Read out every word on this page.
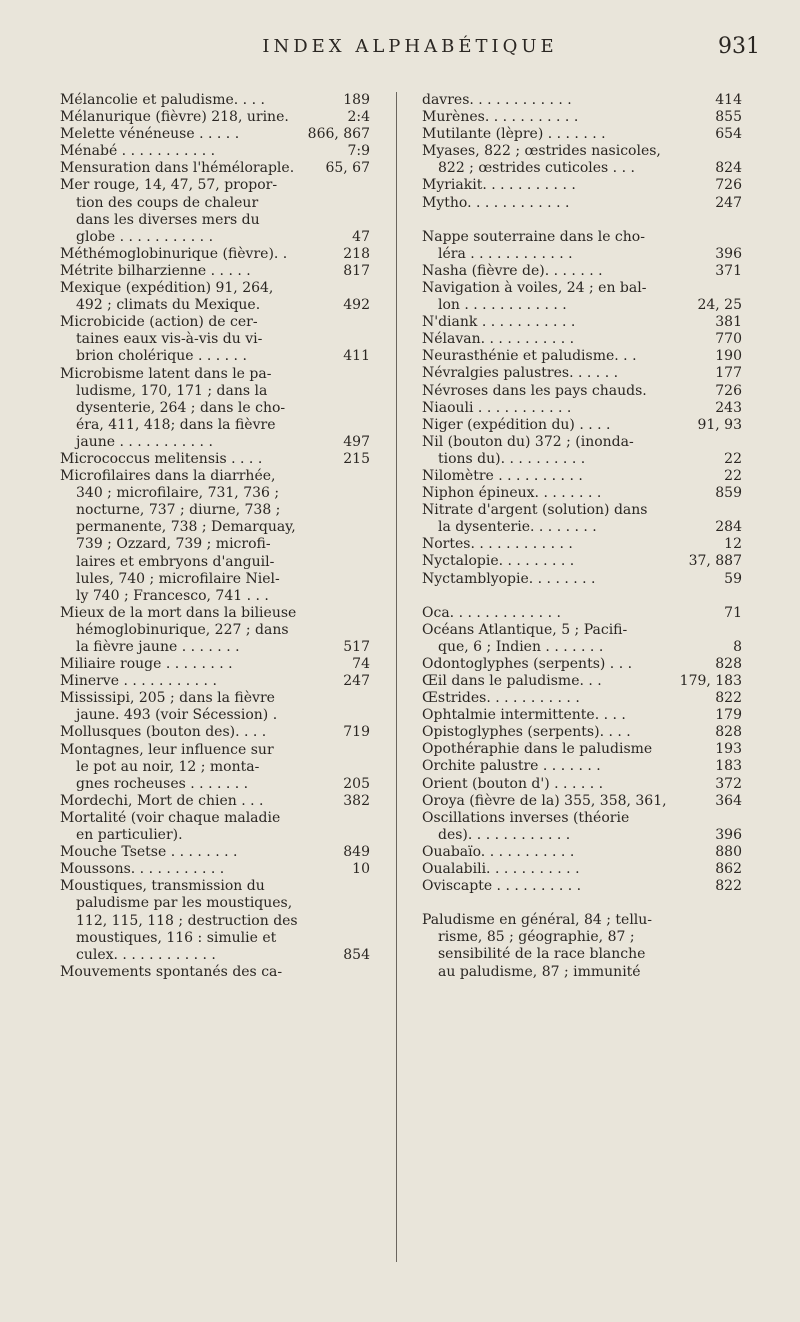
INDEX ALPHABÉTIQUE	931
Mélancolie et paludisme. . . .	189
Mélanurique (fièvre) 218, urine.	2:4
Melette vénéneuse . . . . .	866, 867
Ménabé . . . . . . . . . . .	7:9
Mensuration dans l'héméloraple. 65, 67
Mer rouge, 14, 47, 57, propor-
tion des coups de chaleur
dans les diverses mers du
globe . . . . . . . . . . .	47
Méthémoglobinurique (fièvre). .	218
Métrite bilharzienne . . . . .	817
Mexique (expédition) 91, 264,
492 ; climats du Mexique.	492
Microbicide (action) de cer-
taines eaux vis-à-vis du vi-
brion cholérique . . . . . .	411
Microbisme latent dans le pa-
ludisme, 170, 171 ; dans la
dysenterie, 264 ; dans le cho-
éra, 411, 418; dans la fièvre
jaune . . . . . . . . . . .	497
Micrococcus melitensis . . . .	215
Microfilaires dans la diarrhée,
340 ; microfilaire, 731, 736 ;
nocturne, 737 ; diurne, 738 ;
permanente, 738 ; Demarquay,
739 ; Ozzard, 739 ; microfi-
laires et embryons d'anguil-
lules, 740 ; microfilaire Niel-
ly 740 ; Francesco, 741 . . .
Mieux de la mort dans la bilieuse
hémoglobinurique, 227 ; dans
la fièvre jaune . . . . . . .	517
Miliaire rouge . . . . . . . .	74
Minerve . . . . . . . . . . .	247
Mississipi, 205 ; dans la fièvre
jaune. 493 (voir Sécession) .
Mollusques (bouton des). . . .	719
Montagnes, leur influence sur
le pot au noir, 12 ; monta-
gnes rocheuses . . . . . . .	205
Mordechi, Mort de chien . . .	382
Mortalité (voir chaque maladie
en particulier).
Mouche Tsetse . . . . . . . .	849
Moussons. . . . . . . . . . .	10
Moustiques, transmission du
paludisme par les moustiques,
112, 115, 118 ; destruction des
moustiques, 116 : simulie et
culex. . . . . . . . . . . .	854
Mouvements spontanés des ca-
davres. . . . . . . . . . . .	414
Murènes. . . . . . . . . . .	855
Mutilante (lèpre) . . . . . . .	654
Myases, 822 ; œstrides nasicoles,
822 ; œstrides cuticoles . . .	824
Myriakit. . . . . . . . . . .	726
Mytho. . . . . . . . . . . .	247
Nappe souterraine dans le cho-
léra . . . . . . . . . . . .	396
Nasha (fièvre de). . . . . . .	371
Navigation à voiles, 24 ; en bal-
lon . . . . . . . . . . . .	24, 25
N'diank . . . . . . . . . . .	381
Nélavan. . . . . . . . . . .	770
Neurasthénie et paludisme. . .	190
Névralgies palustres. . . . . .	177
Névroses dans les pays chauds.	726
Niaouli . . . . . . . . . . .	243
Niger (expédition du) . . . .	91, 93
Nil (bouton du) 372 ; (inonda-
tions du). . . . . . . . . .	22
Nilomètre . . . . . . . . . .	22
Niphon épineux. . . . . . . .	859
Nitrate d'argent (solution) dans
la dysenterie. . . . . . . .	284
Nortes. . . . . . . . . . . .	12
Nyctalopie. . . . . . . . .	37, 887
Nyctamblyopie. . . . . . . .	59
Oca. . . . . . . . . . . . .	71
Océans Atlantique, 5 ; Pacifi-
que, 6 ; Indien . . . . . . .	8
Odontoglyphes (serpents) . . .	828
Œil dans le paludisme. . .	179, 183
Œstrides. . . . . . . . . . .	822
Ophtalmie intermittente. . . .	179
Opistoglyphes (serpents). . . .	828
Opothéraphie dans le paludisme	193
Orchite palustre . . . . . . .	183
Orient (bouton d') . . . . . .	372
Oroya (fièvre de la) 355, 358, 361,	364
Oscillations inverses (théorie
des). . . . . . . . . . . .	396
Ouabaïo. . . . . . . . . . .	880
Oualabili. . . . . . . . . . .	862
Oviscapte . . . . . . . . . .	822
Paludisme en général, 84 ; tellu-
risme, 85 ; géographie, 87 ;
sensibilité de la race blanche
au paludisme, 87 ; immunité
